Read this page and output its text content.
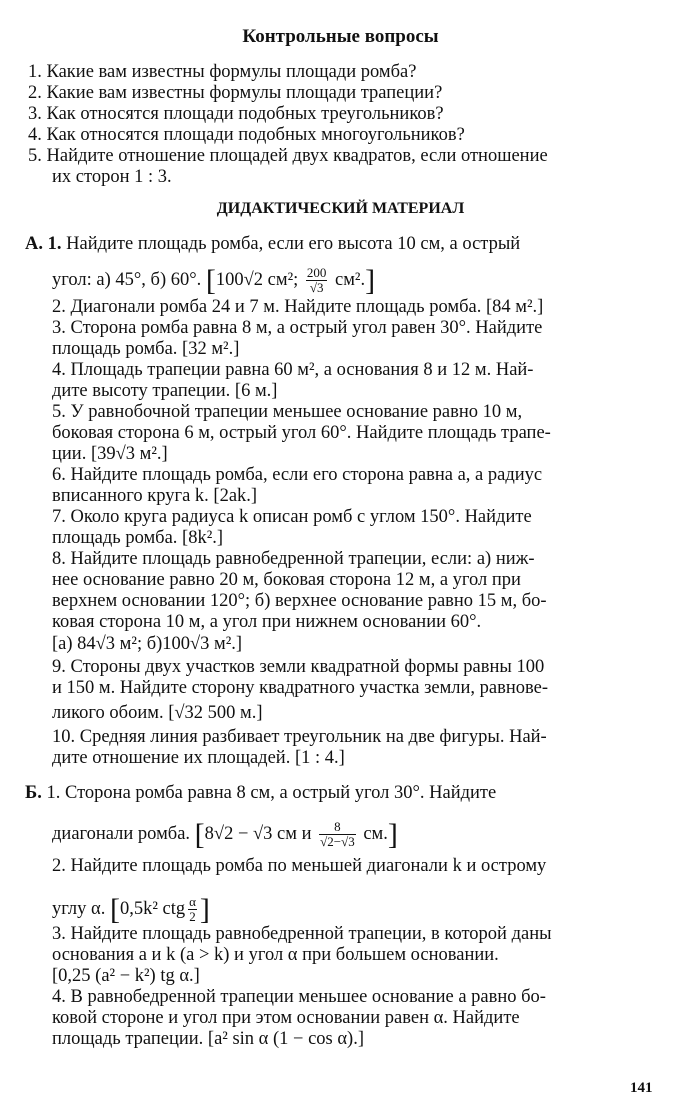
Контрольные вопросы
1. Какие вам известны формулы площади ромба?
2. Какие вам известны формулы площади трапеции?
3. Как относятся площади подобных треугольников?
4. Как относятся площади подобных многоугольников?
5. Найдите отношение площадей двух квадратов, если отношение
их сторон 1 : 3.
ДИДАКТИЧЕСКИЙ МАТЕРИАЛ
А. 1. Найдите площадь ромба, если его высота 10 см, а острый
угол: а) 45°, б) 60°. [100√2 см²; $\frac{200}{√3} см^2$.]
2. Диагонали ромба 24 и 7 м. Найдите площадь ромба. [84 м².]
3. Сторона ромба равна 8 м, а острый угол равен 30°. Найдите
площадь ромба. [32 м².]
4. Площадь трапеции равна 60 м², а основания 8 и 12 м. Най-
дите высоту трапеции. [6 м.]
5. У равнобочной трапеции меньшее основание равно 10 м,
боковая сторона 6 м, острый угол 60°. Найдите площадь трапе-
ции. [39√3 м².]
6. Найдите площадь ромба, если его сторона равна a, а радиус
вписанного круга k. [2ak.]
7. Около круга радиуса k описан ромб с углом 150°. Найдите
площадь ромба. [8k².]
8. Найдите площадь равнобедренной трапеции, если: а) ниж-
нее основание равно 20 м, боковая сторона 12 м, а угол при
верхнем основании 120°; б) верхнее основание равно 15 м, бо-
ковая сторона 10 м, а угол при нижнем основании 60°.
[а) 84√3 м²; б)100√3 м².]
9. Стороны двух участков земли квадратной формы равны 100
и 150 м. Найдите сторону квадратного участка земли, равнове-
ликого обоим. [√32 500 м.]
10. Средняя линия разбивает треугольник на две фигуры. Най-
дите отношение их площадей. [1 : 4.]
Б. 1. Сторона ромба равна 8 см, а острый угол 30°. Найдите
диагонали ромба. [8√2 − √3 см и $\frac{8}{√2-√3} см$.]
2. Найдите площадь ромба по меньшей диагонали k и острому
углу α. [0,5k² ctg $\frac{\alpha}{2}$ ]
3. Найдите площадь равнобедренной трапеции, в которой даны
основания a и k (a > k) и угол α при большем основании.
[0,25 (a² − k²) tg α.]
4. В равнобедренной трапеции меньшее основание a равно бо-
ковой стороне и угол при этом основании равен α. Найдите
площадь трапеции. [a² sin α (1 − cos α).]
141
